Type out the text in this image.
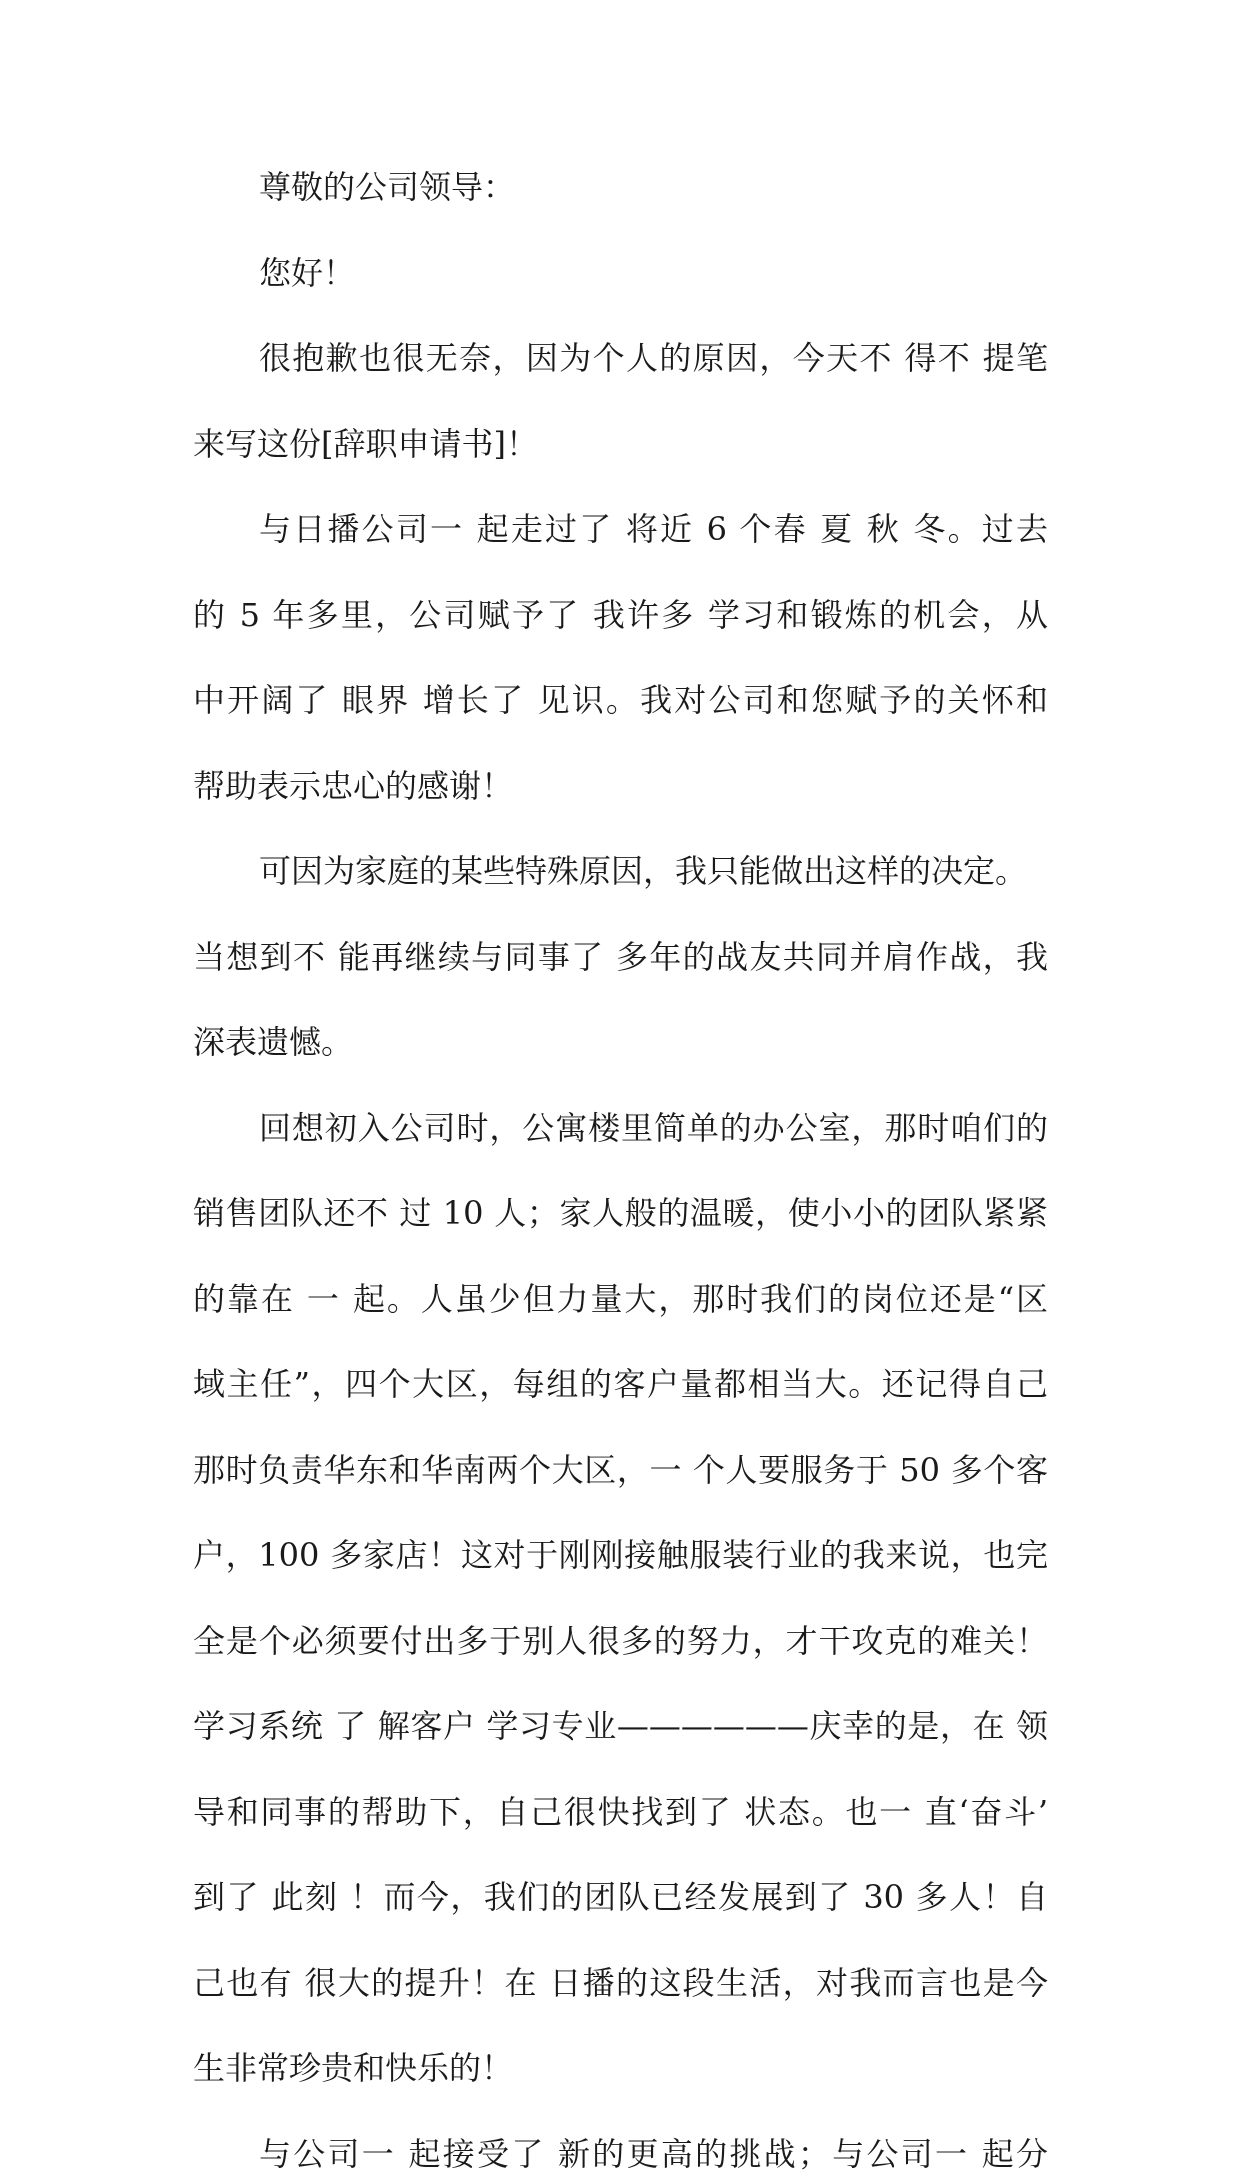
尊敬的公司领导：
您好！
很抱歉也很无奈，因为个人的原因，今天不 得不 提笔
来写这份[辞职申请书]！
与日播公司一 起走过了 将近 6 个春 夏 秋 冬。过去
的 5 年多里，公司赋予了 我许多 学习和锻炼的机会，从
中开阔了 眼界 增长了 见识。我对公司和您赋予的关怀和
帮助表示忠心的感谢！
可因为家庭的某些特殊原因，我只能做出这样的决定。
当想到不 能再继续与同事了 多年的战友共同并肩作战，我
深表遗憾。
回想初入公司时，公寓楼里简单的办公室，那时咱们的
销售团队还不 过 10 人；家人般的温暖，使小小的团队紧紧
的靠在 一 起。人虽少但力量大，那时我们的岗位还是“区
域主任”，四个大区，每组的客户量都相当大。还记得自己
那时负责华东和华南两个大区，一 个人要服务于 50 多个客
户，100 多家店！这对于刚刚接触服装行业的我来说，也完
全是个必须要付出多于别人很多的努力，才干攻克的难关！
学习系统 了 解客户 学习专业——————庆幸的是，在 领
导和同事的帮助下，自己很快找到了 状态。也一 直‘奋斗’
到了 此刻 ！而今，我们的团队已经发展到了 30 多人！自
己也有 很大的提升！在 日播的这段生活，对我而言也是今
生非常珍贵和快乐的！
与公司一 起接受了 新的更高的挑战；与公司一 起分
